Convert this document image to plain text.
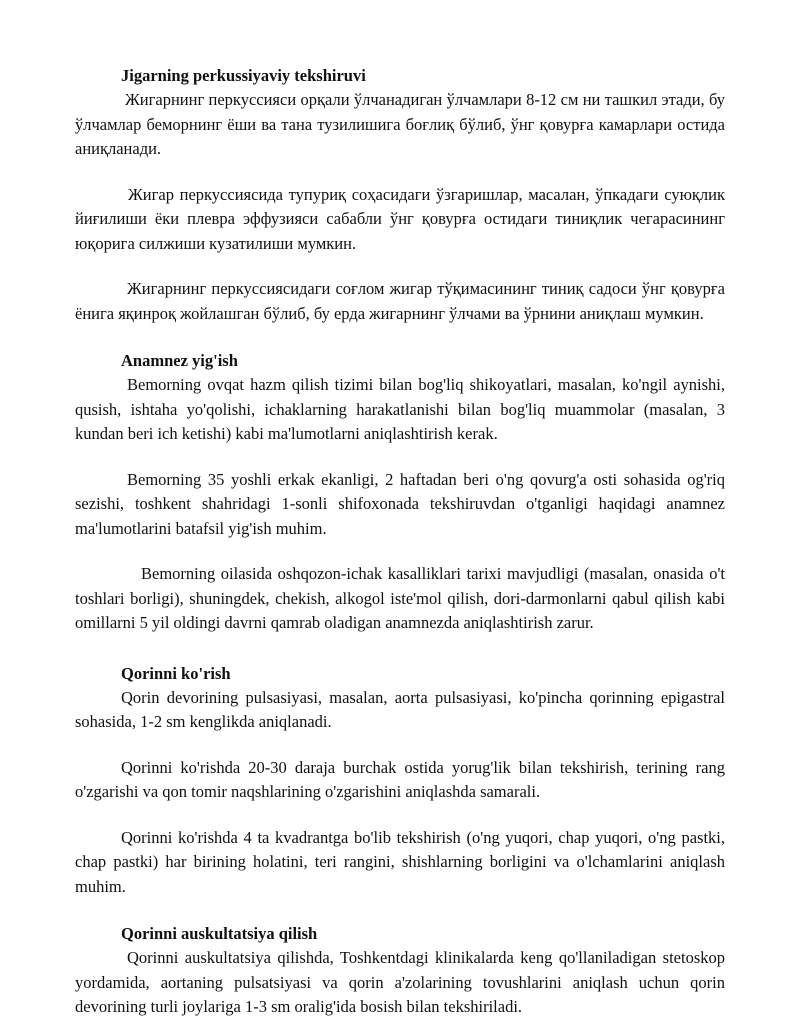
Jigarning perkussiyaviy tekshiruvi

Жигарнинг перкуссияси орқали ўлчанадиган ўлчамлари 8-12 см ни ташкил этади, бу ўлчамлар беморнинг ёши ва тана тузилишига боғлиқ бўлиб, ўнг қовурға камарлари остида аниқланади.

Жигар перкуссиясида тупуриқ соҳасидаги ўзгаришлар, масалан, ўпкадаги суюқлик йиғилиши ёки плевра эффузияси сабабли ўнг қовурға остидаги тиниқлик чегарасининг юқорига силжиши кузатилиши мумкин.

Жигарнинг перкуссиясидаги соғлом жигар тўқимасининг тиниқ садоси ўнг қовурға ёнига яқинроқ жойлашган бўлиб, бу ерда жигарнинг ўлчами ва ўрнини аниқлаш мумкин.

Anamnez yig'ish

Bemorning ovqat hazm qilish tizimi bilan bog'liq shikoyatlari, masalan, ko'ngil aynishi, qusish, ishtaha yo'qolishi, ichaklarning harakatlanishi bilan bog'liq muammolar (masalan, 3 kundan beri ich ketishi) kabi ma'lumotlarni aniqlashtirish kerak.

Bemorning 35 yoshli erkak ekanligi, 2 haftadan beri o'ng qovurg'a osti sohasida og'riq sezishi, toshkent shahridagi 1-sonli shifoxonada tekshiruvdan o'tganligi haqidagi anamnez ma'lumotlarini batafsil yig'ish muhim.

Bemorning oilasida oshqozon-ichak kasalliklari tarixi mavjudligi (masalan, onasida o't toshlari borligi), shuningdek, chekish, alkogol iste'mol qilish, dori-darmonlarni qabul qilish kabi omillarni 5 yil oldingi davrni qamrab oladigan anamnezda aniqlashtirish zarur.

Qorinni ko'rish

Qorin devorining pulsasiyasi, masalan, aorta pulsasiyasi, ko'pincha qorinning epigastral sohasida, 1-2 sm kenglikda aniqlanadi.

Qorinni ko'rishda 20-30 daraja burchak ostida yorug'lik bilan tekshirish, terining rang o'zgarishi va qon tomir naqshlarining o'zgarishini aniqlashda samarali.

Qorinni ko'rishda 4 ta kvadrantga bo'lib tekshirish (o'ng yuqori, chap yuqori, o'ng pastki, chap pastki) har birining holatini, teri rangini, shishlarning borligini va o'lchamlarini aniqlash muhim.

Qorinni auskultatsiya qilish

Qorinni auskultatsiya qilishda, Toshkentdagi klinikalarda keng qo'llaniladigan stetoskop yordamida, aortaning pulsatsiyasi va qorin a'zolarining tovushlarini aniqlash uchun qorin devorining turli joylariga 1-3 sm oralig'ida bosish bilan tekshiriladi.
